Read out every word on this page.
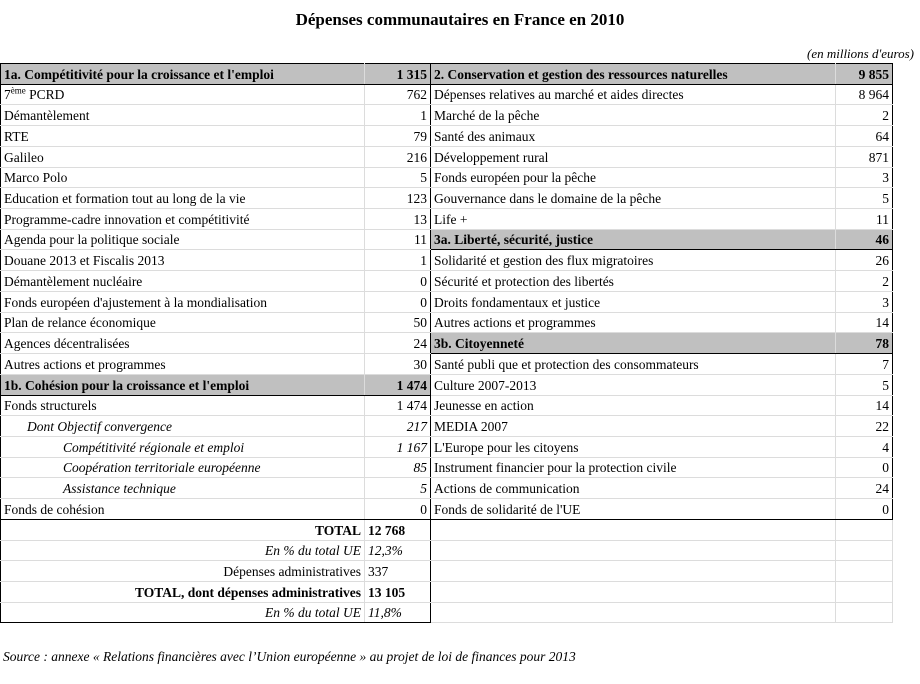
Dépenses communautaires en France en 2010
(en millions d'euros)
1a. Compétitivité pour la croissance et l'emploi	1 315	2. Conservation et gestion des ressources naturelles	9 855
7ème PCRD	762	Dépenses relatives au marché et aides directes	8 964
Démantèlement	1	Marché de la pêche	2
RTE	79	Santé des animaux	64
Galileo	216	Développement rural	871
Marco Polo	5	Fonds européen pour la pêche	3
Education et formation tout au long de la vie	123	Gouvernance dans le domaine de la pêche	5
Programme-cadre innovation et compétitivité	13	Life +	11
Agenda pour la politique sociale	11	3a. Liberté, sécurité, justice	46
Douane 2013 et Fiscalis 2013	1	Solidarité et gestion des flux migratoires	26
Démantèlement nucléaire	0	Sécurité et protection des libertés	2
Fonds européen d'ajustement à la mondialisation	0	Droits fondamentaux et justice	3
Plan de relance économique	50	Autres actions et programmes	14
Agences décentralisées	24	3b. Citoyenneté	78
Autres actions et programmes	30	Santé publi que et protection des consommateurs	7
1b. Cohésion pour la croissance et l'emploi	1 474	Culture 2007-2013	5
Fonds structurels	1 474	Jeunesse en action	14
Dont Objectif convergence	217	MEDIA 2007	22
Compétitivité régionale et emploi	1 167	L'Europe pour les citoyens	4
Coopération territoriale européenne	85	Instrument financier pour la protection civile	0
Assistance technique	5	Actions de communication	24
Fonds de cohésion	0	Fonds de solidarité de l'UE	0
TOTAL	12 768		
En % du total UE	12,3%		
Dépenses administratives	337		
TOTAL, dont dépenses administratives	13 105		
En % du total UE	11,8%		
Source : annexe « Relations financières avec l’Union européenne » au projet de loi de finances pour 2013
